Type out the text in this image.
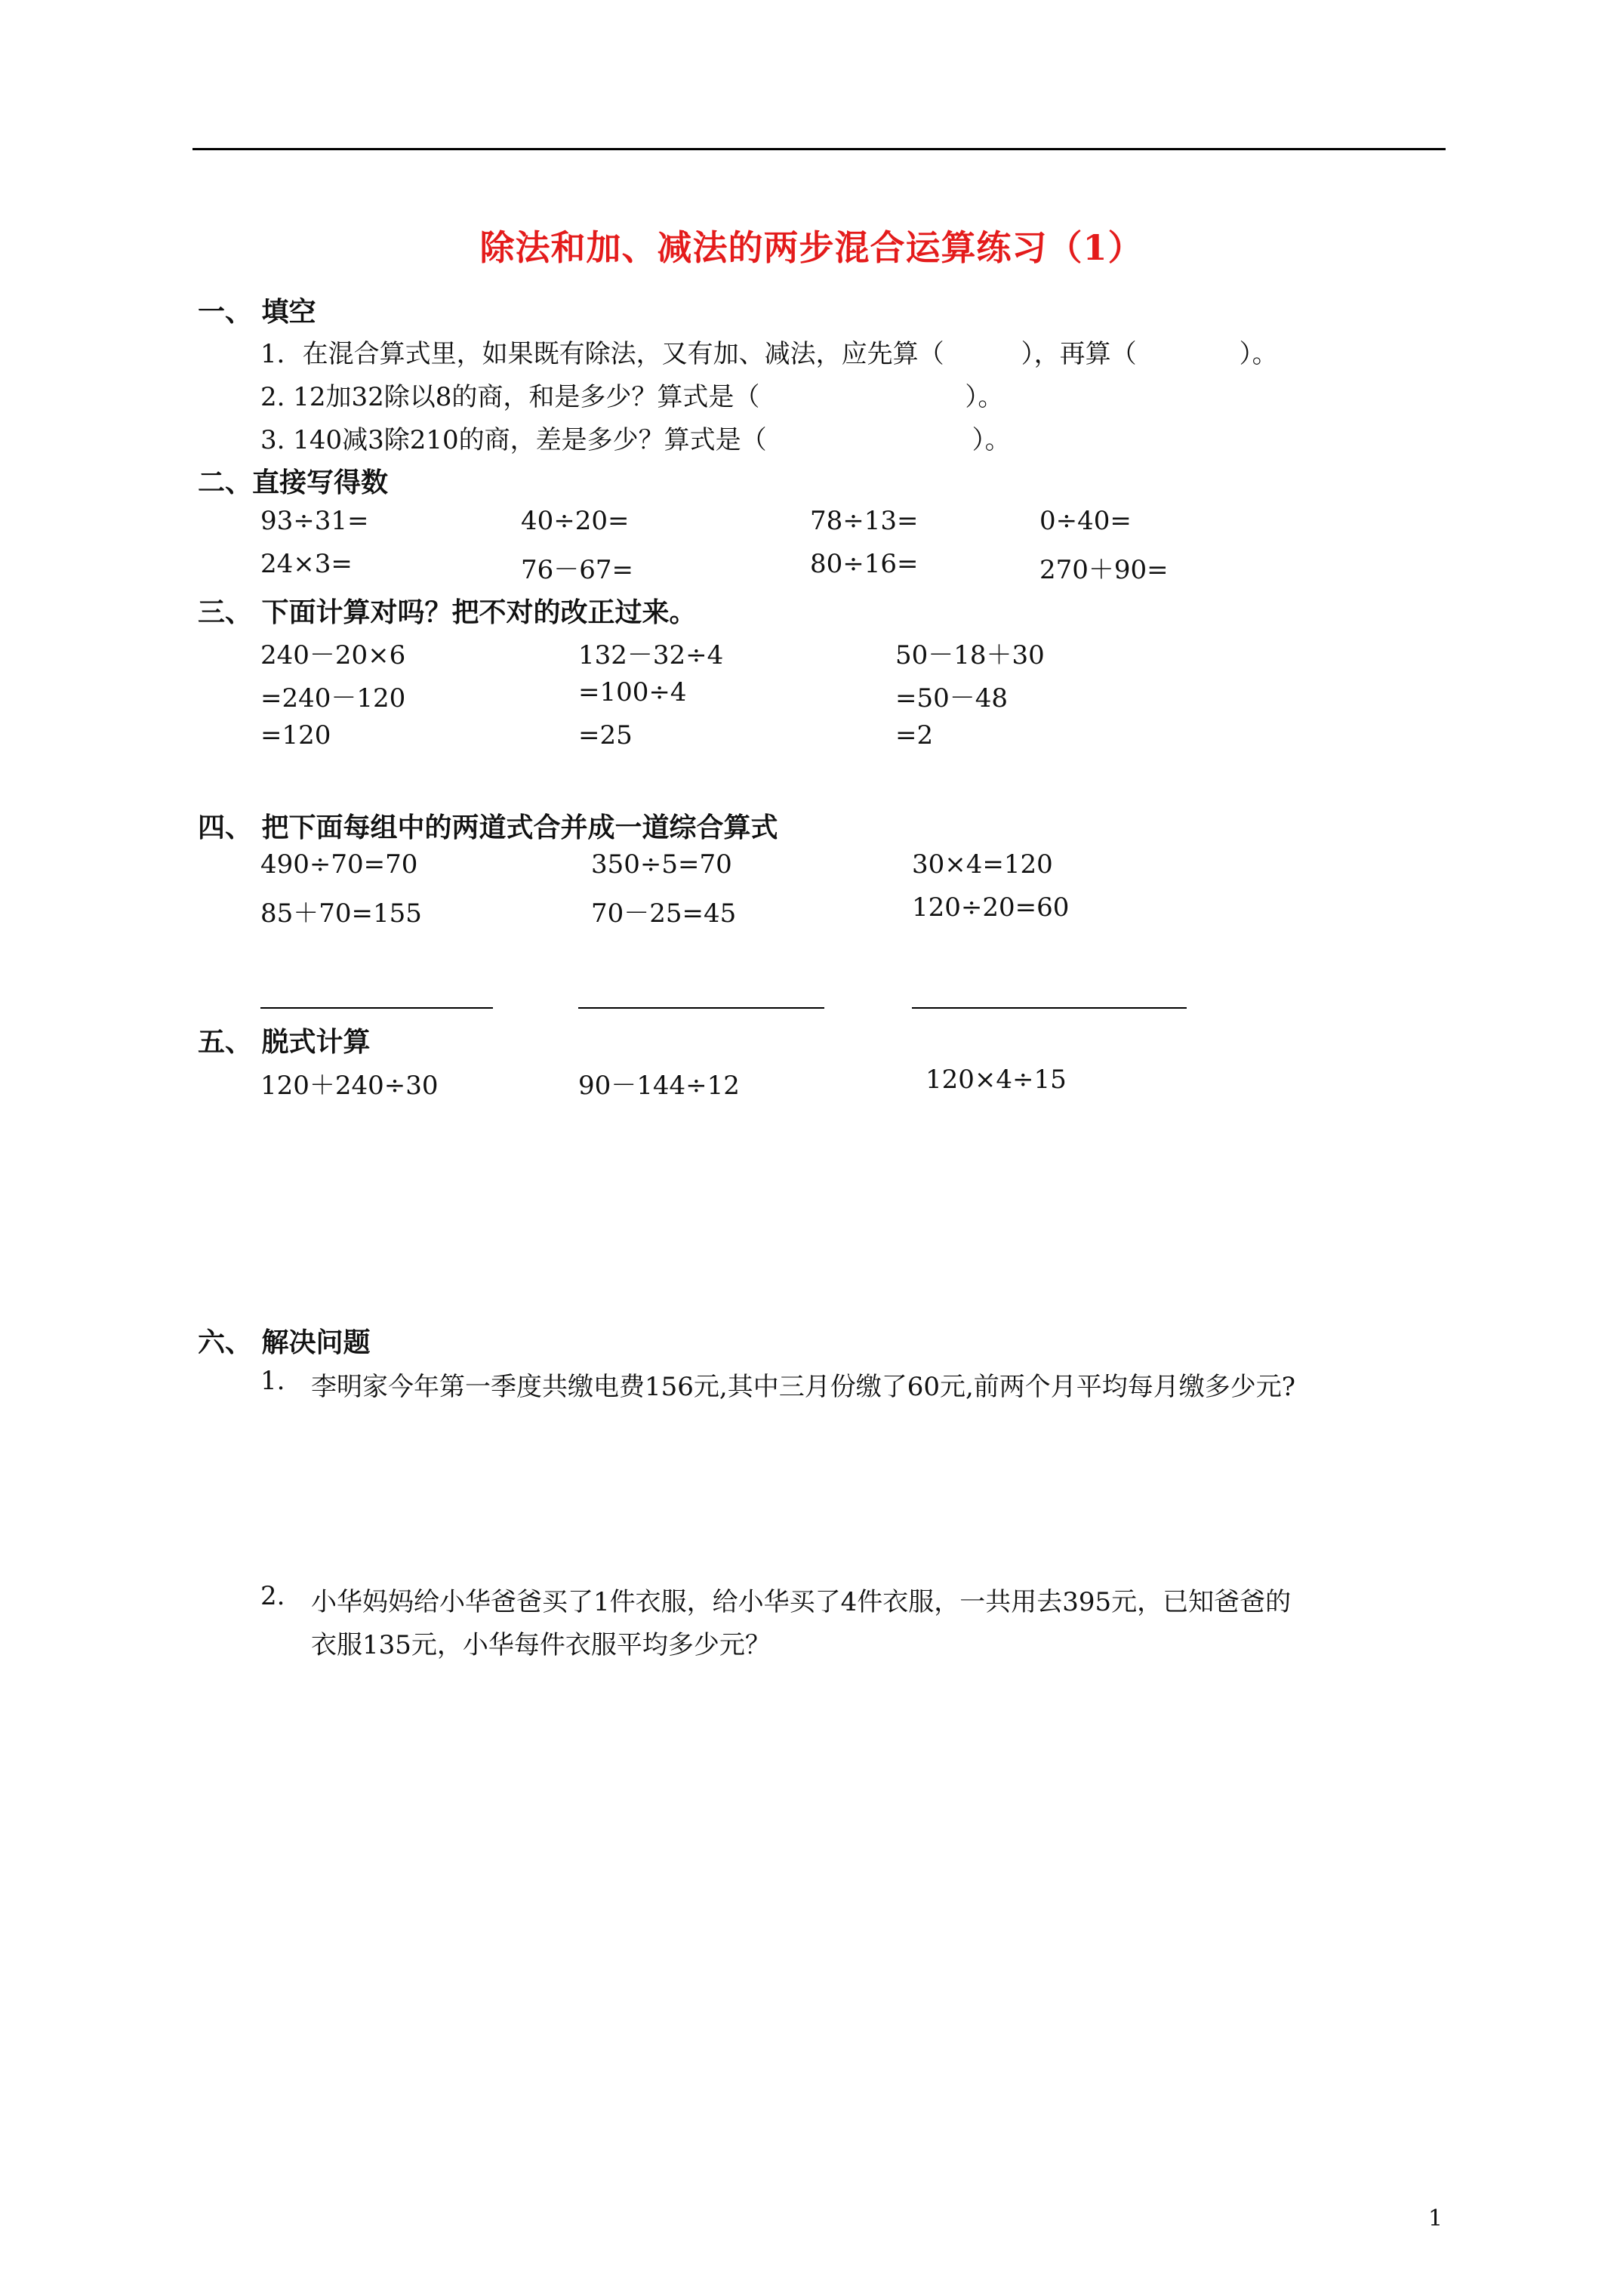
除法和加、减法的两步混合运算练习（1）
一、 填空
1．在混合算式里，如果既有除法，又有加、减法，应先算（　　　），再算（　　　　）。
2. 12加32除以8的商，和是多少？算式是（　　　　　　　　）。
3. 140减3除210的商，差是多少？算式是（　　　　　　　　）。
二、直接写得数
93÷31=	40÷20=	78÷13=	0÷40=
24×3=	76－67=	80÷16=	270＋90=
三、 下面计算对吗？把不对的改正过来。
240－20×6
=240－120
=120
132－32÷4
=100÷4
=25
50－18＋30
=50－48
=2
四、 把下面每组中的两道式合并成一道综合算式
490÷70=70	350÷5=70	30×4=120
85＋70=155	70－25=45	120÷20=60
五、 脱式计算
120＋240÷30	90－144÷12	120×4÷15
六、 解决问题
1. 李明家今年第一季度共缴电费156元,其中三月份缴了60元,前两个月平均每月缴多少元?
2. 小华妈妈给小华爸爸买了1件衣服，给小华买了4件衣服，一共用去395元，已知爸爸的
衣服135元，小华每件衣服平均多少元？
1
